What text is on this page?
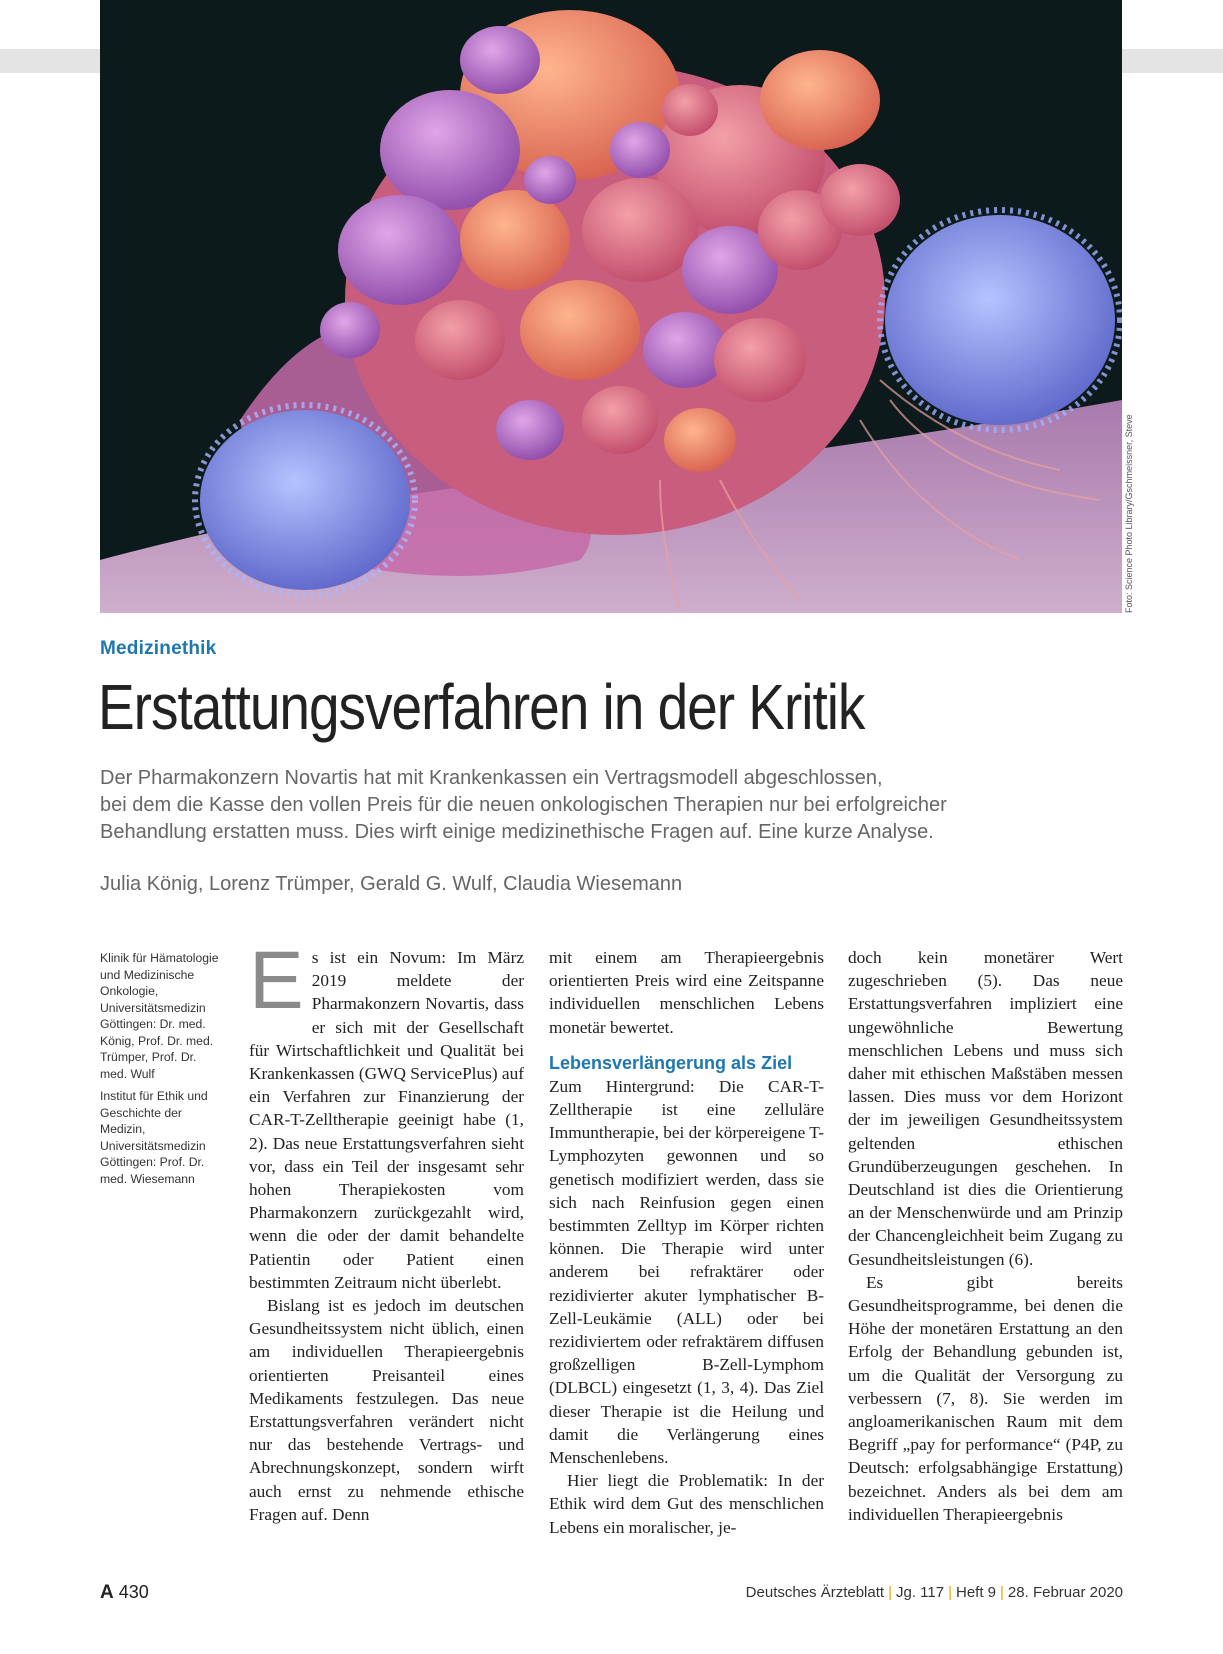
Foto: Science Photo Library/Gschmeissner, Steve
Medizinethik
Erstattungsverfahren in der Kritik
Der Pharmakonzern Novartis hat mit Krankenkassen ein Vertragsmodell abgeschlossen,
bei dem die Kasse den vollen Preis für die neuen onkologischen Therapien nur bei erfolgreicher
Behandlung erstatten muss. Dies wirft einige medizinethische Fragen auf. Eine kurze Analyse.
Julia König, Lorenz Trümper, Gerald G. Wulf, Claudia Wiesemann

Klinik für Hämatologie und Medizinische Onkologie, Universitätsmedizin Göttingen: Dr. med. König, Prof. Dr. med. Trümper, Prof. Dr. med. Wulf

Institut für Ethik und Geschichte der Medizin, Universitätsmedizin Göttingen: Prof. Dr. med. Wiesemann

E s ist ein Novum: Im März 2019 meldete der Pharmakonzern Novartis, dass er sich mit der Gesellschaft für Wirtschaftlichkeit und Qualität bei Krankenkassen (GWQ ServicePlus) auf ein Verfahren zur Finanzierung der CAR-T-Zelltherapie geeinigt habe (1, 2). Das neue Erstattungsverfahren sieht vor, dass ein Teil der insgesamt sehr hohen Therapiekosten vom Pharmakonzern zurückgezahlt wird, wenn die oder der damit behandelte Patientin oder Patient einen bestimmten Zeitraum nicht überlebt.

Bislang ist es jedoch im deutschen Gesundheitssystem nicht üblich, einen am individuellen Therapieergebnis orientierten Preisanteil eines Medikaments festzulegen. Das neue Erstattungsverfahren verändert nicht nur das bestehende Vertrags- und Abrechnungskonzept, sondern wirft auch ernst zu nehmende ethische Fragen auf. Denn

mit einem am Therapieergebnis orientierten Preis wird eine Zeitspanne individuellen menschlichen Lebens monetär bewertet.

Lebensverlängerung als Ziel

Zum Hintergrund: Die CAR-T-Zelltherapie ist eine zelluläre Immuntherapie, bei der körpereigene T-Lymphozyten gewonnen und so genetisch modifiziert werden, dass sie sich nach Reinfusion gegen einen bestimmten Zelltyp im Körper richten können. Die Therapie wird unter anderem bei refraktärer oder rezidivierter akuter lymphatischer B-Zell-Leukämie (ALL) oder bei rezidiviertem oder refraktärem diffusen großzelligen B-Zell-Lymphom (DLBCL) eingesetzt (1, 3, 4). Das Ziel dieser Therapie ist die Heilung und damit die Verlängerung eines Menschenlebens.

Hier liegt die Problematik: In der Ethik wird dem Gut des menschlichen Lebens ein moralischer, je-

doch kein monetärer Wert zugeschrieben (5). Das neue Erstattungsverfahren impliziert eine ungewöhnliche Bewertung menschlichen Lebens und muss sich daher mit ethischen Maßstäben messen lassen. Dies muss vor dem Horizont der im jeweiligen Gesundheitssystem geltenden ethischen Grundüberzeugungen geschehen. In Deutschland ist dies die Orientierung an der Menschenwürde und am Prinzip der Chancengleichheit beim Zugang zu Gesundheitsleistungen (6).

Es gibt bereits Gesundheitsprogramme, bei denen die Höhe der monetären Erstattung an den Erfolg der Behandlung gebunden ist, um die Qualität der Versorgung zu verbessern (7, 8). Sie werden im angloamerikanischen Raum mit dem Begriff „pay for performance“ (P4P, zu Deutsch: erfolgsabhängige Erstattung) bezeichnet. Anders als bei dem am individuellen Therapieergebnis

A 430	Deutsches Ärzteblatt | Jg. 117 | Heft 9 | 28. Februar 2020
